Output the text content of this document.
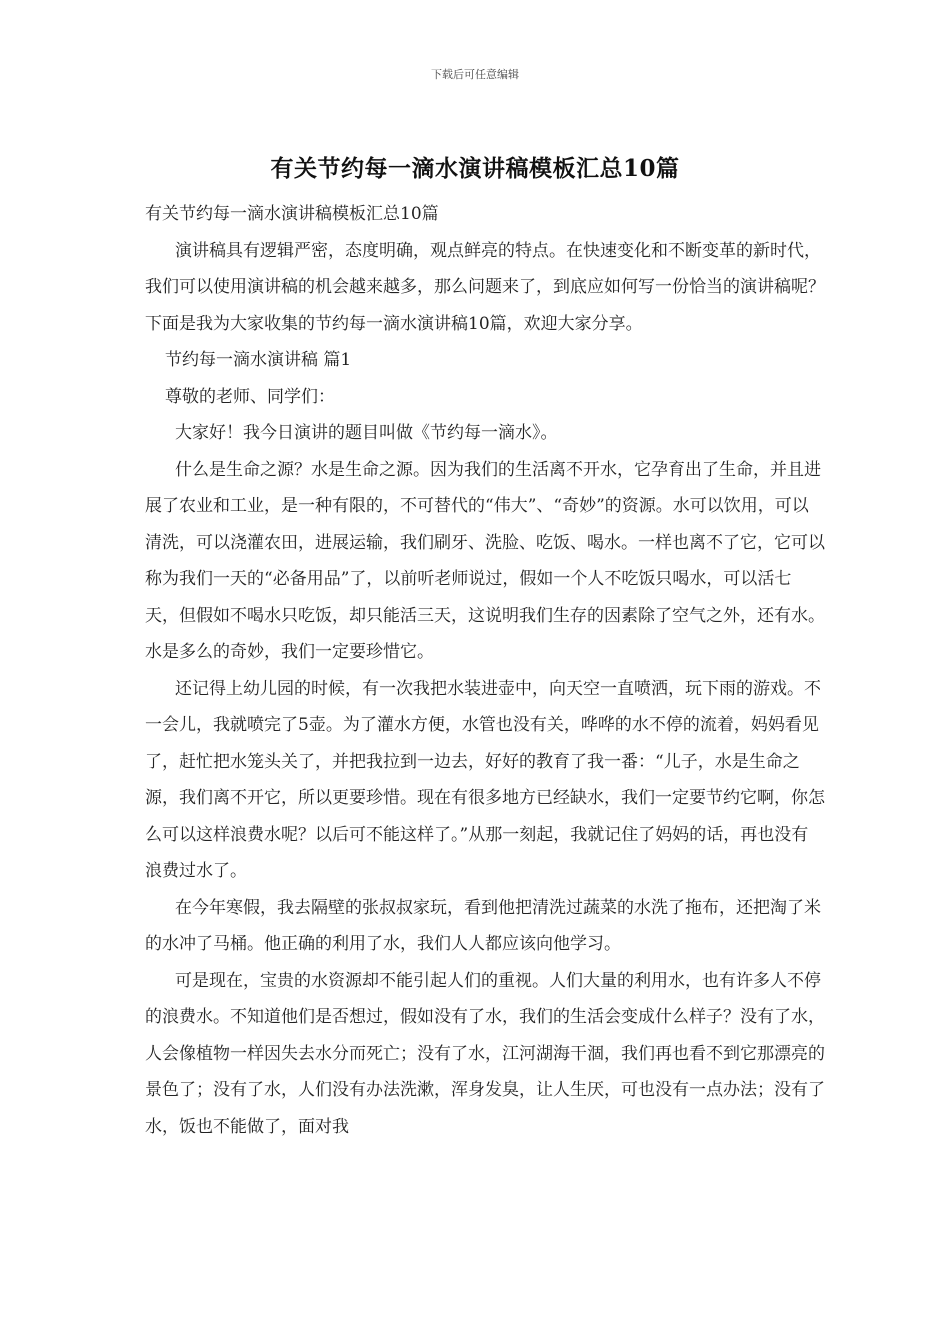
下载后可任意编辑
有关节约每一滴水演讲稿模板汇总10篇

有关节约每一滴水演讲稿模板汇总10篇

演讲稿具有逻辑严密，态度明确，观点鲜亮的特点。在快速变化和不断变革的新时代，我们可以使用演讲稿的机会越来越多，那么问题来了，到底应如何写一份恰当的演讲稿呢？下面是我为大家收集的节约每一滴水演讲稿10篇，欢迎大家分享。

节约每一滴水演讲稿 篇1

尊敬的老师、同学们：

大家好！我今日演讲的题目叫做《节约每一滴水》。

什么是生命之源？水是生命之源。因为我们的生活离不开水，它孕育出了生命，并且进展了农业和工业，是一种有限的，不可替代的“伟大”、“奇妙”的资源。水可以饮用，可以清洗，可以浇灌农田，进展运输，我们刷牙、洗脸、吃饭、喝水。一样也离不了它，它可以称为我们一天的“必备用品”了，以前听老师说过，假如一个人不吃饭只喝水，可以活七天，但假如不喝水只吃饭，却只能活三天，这说明我们生存的因素除了空气之外，还有水。水是多么的奇妙，我们一定要珍惜它。

还记得上幼儿园的时候，有一次我把水装进壶中，向天空一直喷洒，玩下雨的游戏。不一会儿，我就喷完了5壶。为了灌水方便，水管也没有关，哗哗的水不停的流着，妈妈看见了，赶忙把水笼头关了，并把我拉到一边去，好好的教育了我一番：“儿子，水是生命之源，我们离不开它，所以更要珍惜。现在有很多地方已经缺水，我们一定要节约它啊，你怎么可以这样浪费水呢？以后可不能这样了。”从那一刻起，我就记住了妈妈的话，再也没有浪费过水了。

在今年寒假，我去隔壁的张叔叔家玩，看到他把清洗过蔬菜的水洗了拖布，还把淘了米的水冲了马桶。他正确的利用了水，我们人人都应该向他学习。

可是现在，宝贵的水资源却不能引起人们的重视。人们大量的利用水，也有许多人不停的浪费水。不知道他们是否想过，假如没有了水，我们的生活会变成什么样子？没有了水，人会像植物一样因失去水分而死亡；没有了水，江河湖海干涸，我们再也看不到它那漂亮的景色了；没有了水，人们没有办法洗漱，浑身发臭，让人生厌，可也没有一点办法；没有了水，饭也不能做了，面对我
